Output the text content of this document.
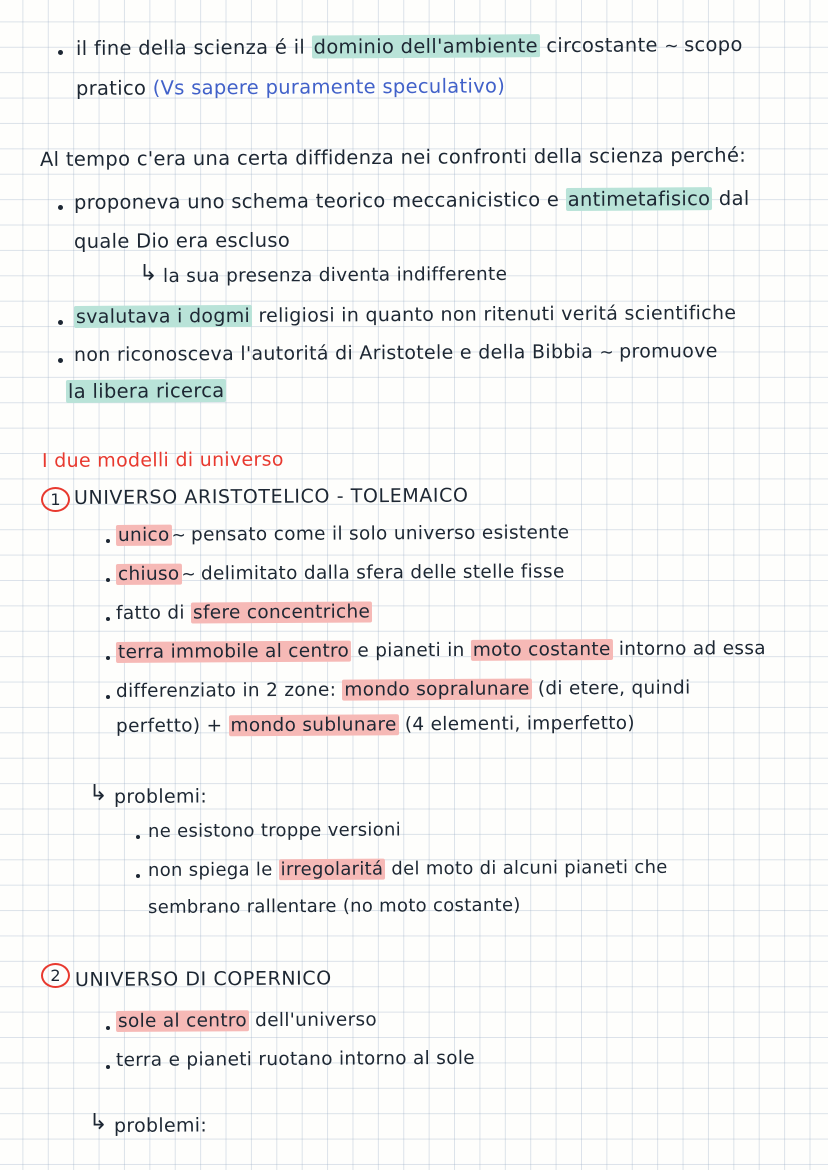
il fine della scienza é il dominio dell'ambiente circostante ~ scopo
pratico (Vs sapere puramente speculativo)
Al tempo c'era una certa diffidenza nei confronti della scienza perché:
proponeva uno schema teorico meccanicistico e antimetafisico dal
quale Dio era escluso
↳ la sua presenza diventa indifferente
svalutava i dogmi religiosi in quanto non ritenuti veritá scientifiche
non riconosceva l'autoritá di Aristotele e della Bibbia ~ promuove
la libera ricerca
I due modelli di universo
1 UNIVERSO ARISTOTELICO - TOLEMAICO
unico ~ pensato come il solo universo esistente
chiuso ~ delimitato dalla sfera delle stelle fisse
fatto di sfere concentriche
terra immobile al centro e pianeti in moto costante intorno ad essa
differenziato in 2 zone: mondo sopralunare (di etere, quindi
perfetto) + mondo sublunare (4 elementi, imperfetto)
↳ problemi:
ne esistono troppe versioni
non spiega le irregolaritá del moto di alcuni pianeti che
sembrano rallentare (no moto costante)
2 UNIVERSO DI COPERNICO
sole al centro dell'universo
terra e pianeti ruotano intorno al sole
↳ problemi:
